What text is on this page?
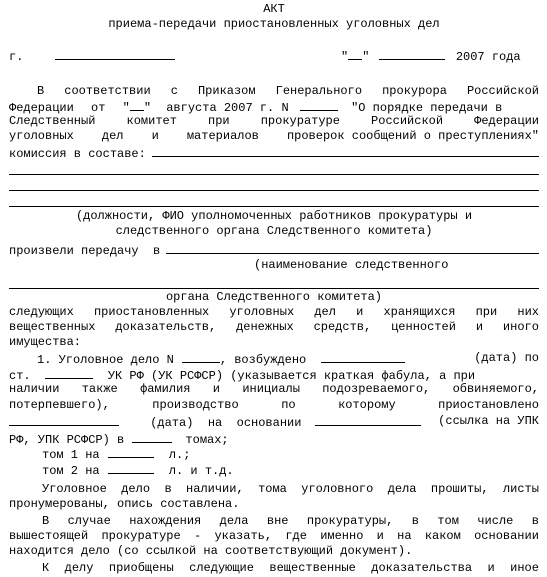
АКТ
приема-передачи приостановленных уголовных дел
г.	" "	2007 года
В соответствии с Приказом Генерального прокурора Российской
Федерации от " " августа 2007 г. N	"О порядке передачи в
Следственный	комитет	при	прокуратуре	Российской	Федерации
уголовных дел и материалов проверок сообщений о преступлениях"
комиссия в составе:
(должности, ФИО уполномоченных работников прокуратуры и
следственного органа Следственного комитета)
произвели передачу  в
(наименование следственного
органа Следственного комитета)
следующих приостановленных уголовных дел и хранящихся при них
вещественных доказательств, денежных средств, ценностей и иного
имущества:
1. Уголовное дело N	, возбуждено	(дата) по
ст.	УК РФ (УК РСФСР) (указывается краткая фабула, а при
наличии также фамилия и инициалы подозреваемого, обвиняемого,
потерпевшего),	производство	по	которому	приостановлено
(дата)  на  основании	(ссылка на УПК
РФ, УПК РСФСР) в	томах;
том 1 на	л.;
том 2 на	л. и т.д.
Уголовное дело в наличии, тома уголовного дела прошиты, листы
пронумерованы, опись составлена.
В случае нахождения дела вне прокуратуры, в том числе в
вышестоящей прокуратуре - указать, где именно и на каком основании
находится дело (со ссылкой на соответствующий документ).
К делу приобщены следующие вещественные доказательства и иное
